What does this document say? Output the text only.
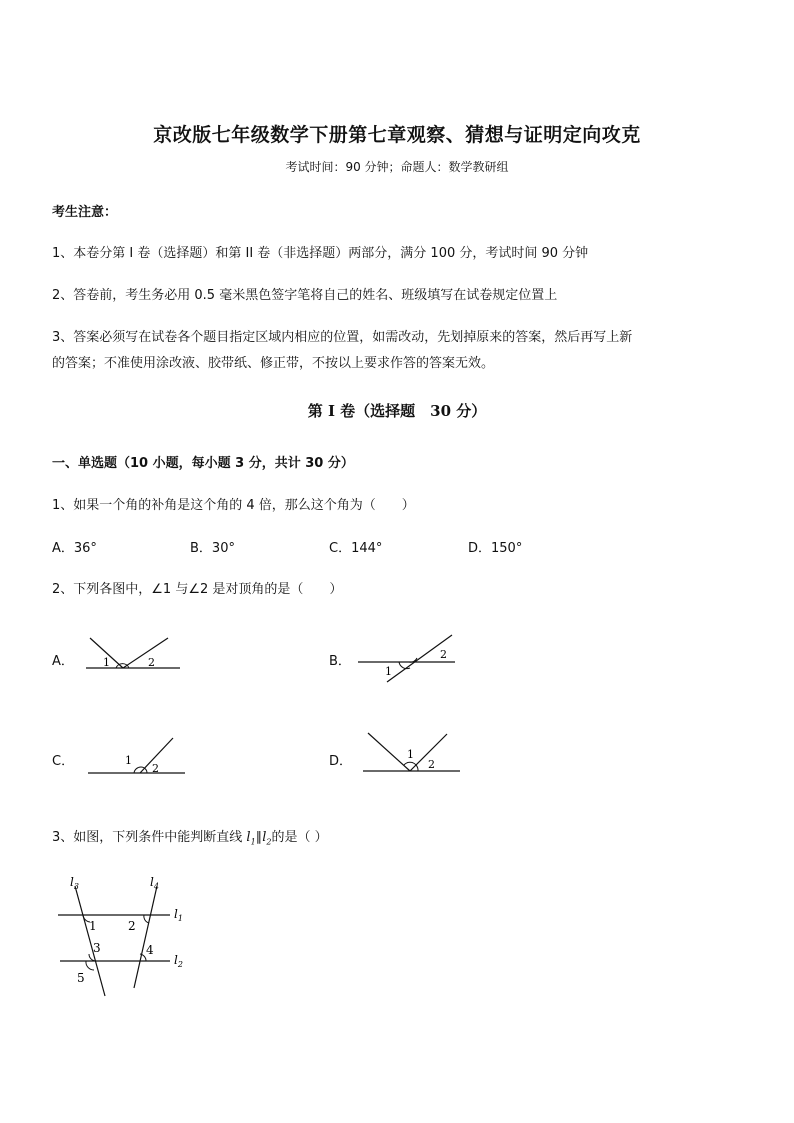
京改版七年级数学下册第七章观察、猜想与证明定向攻克
考试时间：90 分钟；命题人：数学教研组
考生注意：
1、本卷分第 I 卷（选择题）和第 II 卷（非选择题）两部分，满分 100 分，考试时间 90 分钟
2、答卷前，考生务必用 0.5 毫米黑色签字笔将自己的姓名、班级填写在试卷规定位置上
3、答案必须写在试卷各个题目指定区域内相应的位置，如需改动，先划掉原来的答案，然后再写上新
的答案；不准使用涂改液、胶带纸、修正带，不按以上要求作答的答案无效。
第 I 卷（选择题　30 分）
一、单选题（10 小题，每小题 3 分，共计 30 分）
1、如果一个角的补角是这个角的 4 倍，那么这个角为（　　）
A．36°	B．30°	C．144°	D．150°
2、下列各图中，∠1 与∠2 是对顶角的是（　　）
A．	1	2	B．	2
1
C．	1
2	D．	1
2
3、如图，下列条件中能判断直线 $l_1\parallel l_2$的是（ ）
$l_3$	$l_4$
$l_1$
$l_2$
1	2
3	4
5
